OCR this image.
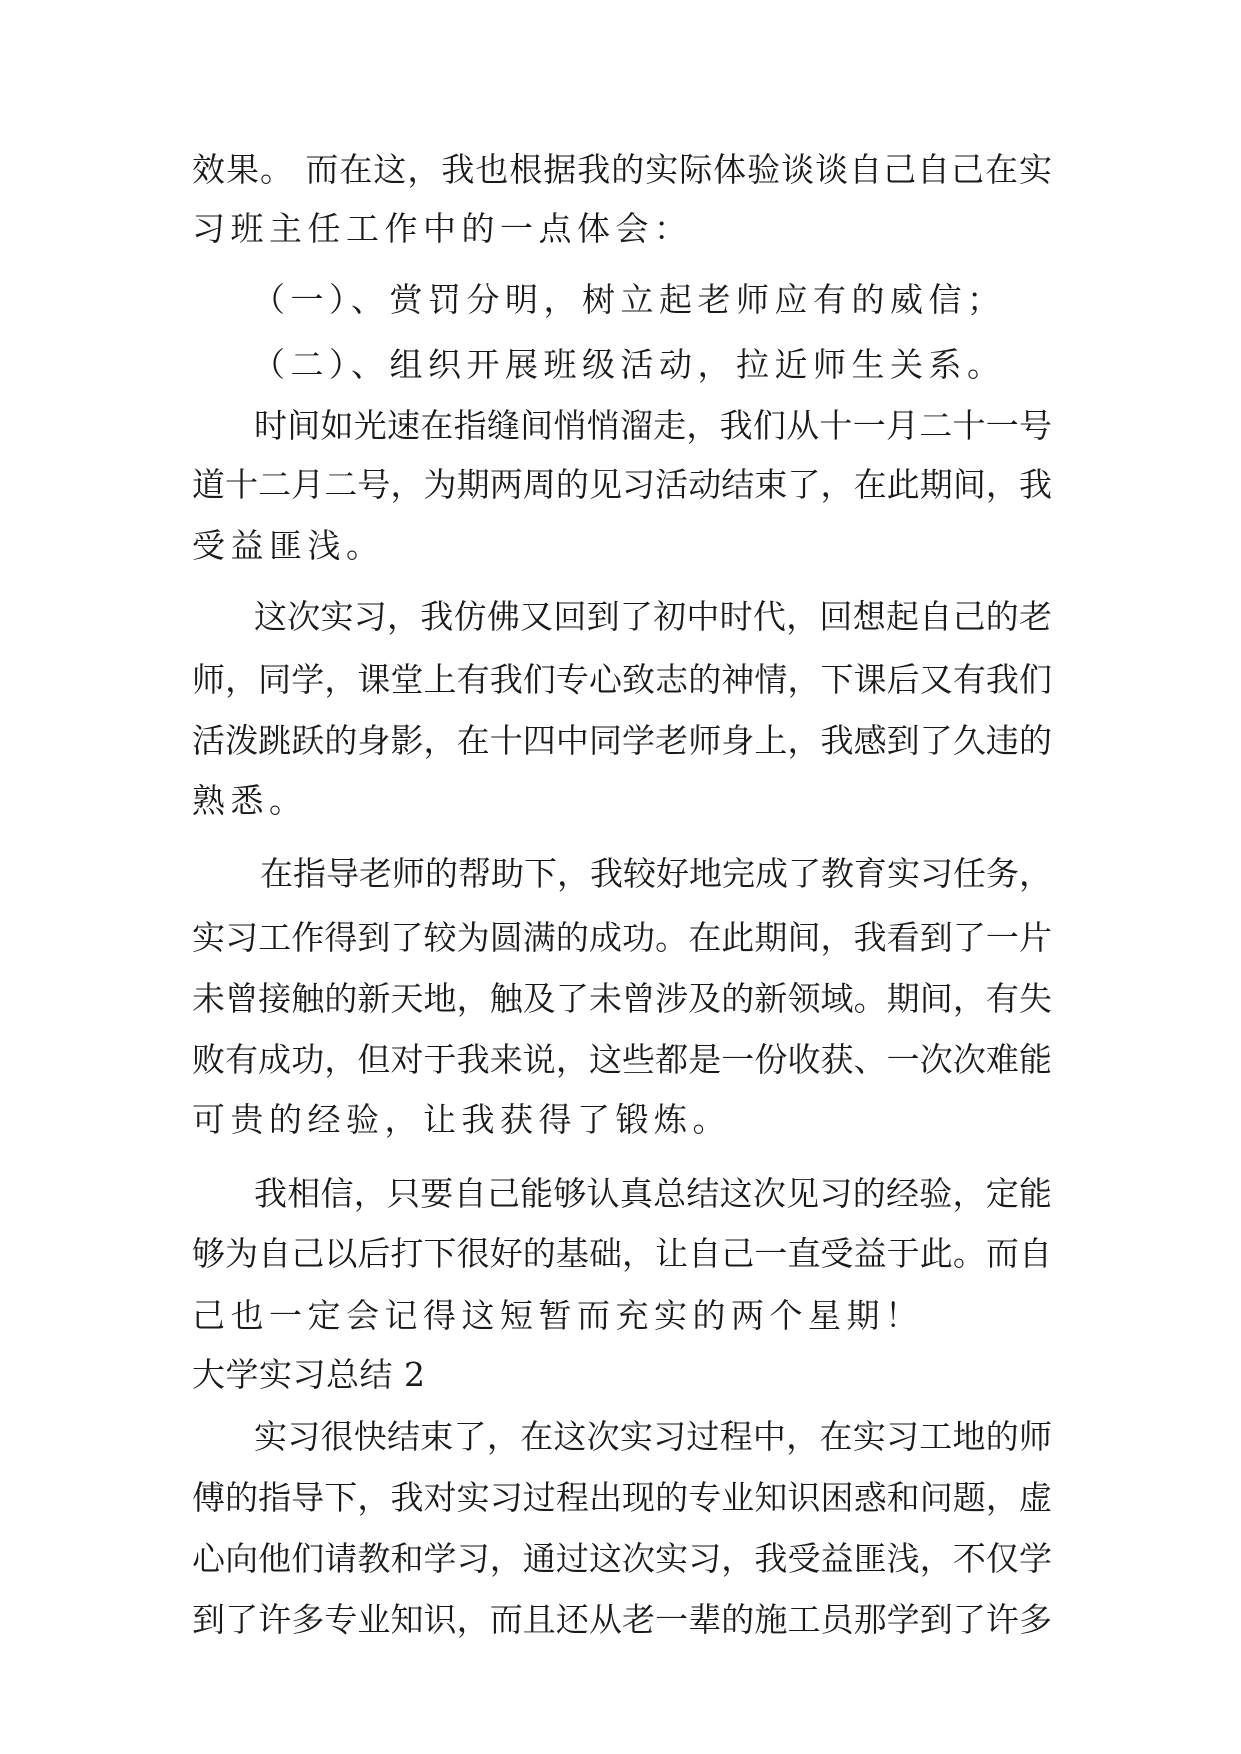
效果。 而在这，我也根据我的实际体验谈谈自己自己在实
习班主任工作中的一点体会：
（一）、赏罚分明，树立起老师应有的威信；
（二）、组织开展班级活动，拉近师生关系。
时间如光速在指缝间悄悄溜走，我们从十一月二十一号
道十二月二号，为期两周的见习活动结束了，在此期间，我
受益匪浅。
这次实习，我仿佛又回到了初中时代，回想起自己的老
师，同学，课堂上有我们专心致志的神情，下课后又有我们
活泼跳跃的身影，在十四中同学老师身上，我感到了久违的
熟悉。
在指导老师的帮助下，我较好地完成了教育实习任务，
实习工作得到了较为圆满的成功。在此期间，我看到了一片
未曾接触的新天地，触及了未曾涉及的新领域。期间，有失
败有成功，但对于我来说，这些都是一份收获、一次次难能
可贵的经验，让我获得了锻炼。
我相信，只要自己能够认真总结这次见习的经验，定能
够为自己以后打下很好的基础，让自己一直受益于此。而自
己也一定会记得这短暂而充实的两个星期！
大学实习总结 2
实习很快结束了，在这次实习过程中，在实习工地的师
傅的指导下，我对实习过程出现的专业知识困惑和问题，虚
心向他们请教和学习，通过这次实习，我受益匪浅，不仅学
到了许多专业知识，而且还从老一辈的施工员那学到了许多
